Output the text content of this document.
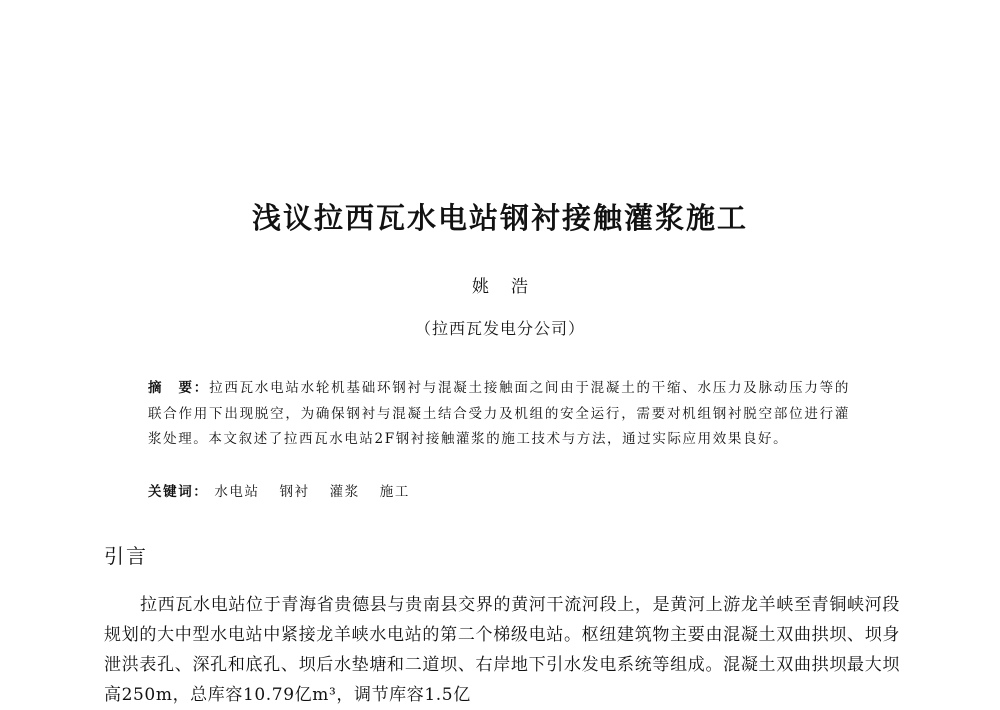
浅议拉西瓦水电站钢衬接触灌浆施工
姚浩
（拉西瓦发电分公司）
摘　要：拉西瓦水电站水轮机基础环钢衬与混凝土接触面之间由于混凝土的干缩、水压力及脉动压力等的联合作用下出现脱空，为确保钢衬与混凝土结合受力及机组的安全运行，需要对机组钢衬脱空部位进行灌浆处理。本文叙述了拉西瓦水电站2F钢衬接触灌浆的施工技术与方法，通过实际应用效果良好。
关键词： 水电站 钢衬 灌浆 施工
引言
拉西瓦水电站位于青海省贵德县与贵南县交界的黄河干流河段上，是黄河上游龙羊峡至青铜峡河段规划的大中型水电站中紧接龙羊峡水电站的第二个梯级电站。枢纽建筑物主要由混凝土双曲拱坝、坝身泄洪表孔、深孔和底孔、坝后水垫塘和二道坝、右岸地下引水发电系统等组成。混凝土双曲拱坝最大坝高250m，总库容10.79亿m³，调节库容1.5亿
